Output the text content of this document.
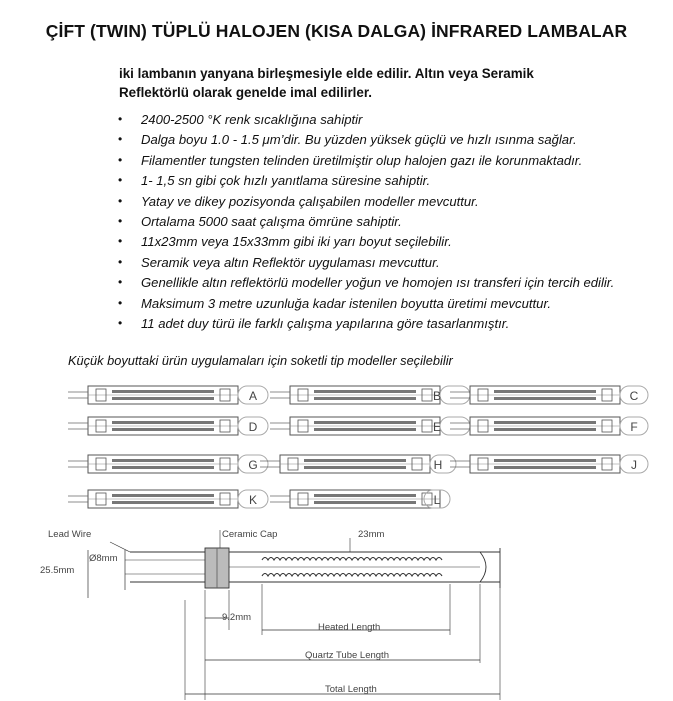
ÇİFT (TWIN) TÜPLÜ HALOJEN (KISA DALGA) İNFRARED LAMBALAR
iki lambanın yanyana birleşmesiyle elde edilir. Altın veya Seramik
Reflektörlü olarak genelde imal edilirler.
• 2400-2500 °K renk sıcaklığına sahiptir
• Dalga boyu 1.0 - 1.5 μm’dir. Bu yüzden yüksek güçlü ve hızlı ısınma sağlar.
• Filamentler tungsten telinden üretilmiştir olup halojen gazı ile korunmaktadır.
• 1- 1,5 sn gibi çok hızlı yanıtlama süresine sahiptir.
• Yatay ve dikey pozisyonda çalışabilen modeller mevcuttur.
• Ortalama 5000 saat çalışma ömrüne sahiptir.
• 11x23mm veya 15x33mm gibi iki yarı boyut seçilebilir.
• Seramik veya altın Reflektör uygulaması mevcuttur.
• Genellikle altın reflektörlü modeller yoğun ve homojen ısı transferi için tercih edilir.
• Maksimum 3 metre uzunluğa kadar istenilen boyutta üretimi mevcuttur.
• 11 adet duy türü ile farklı çalışma yapılarına göre tasarlanmıştır.
Küçük boyuttaki ürün uygulamaları için soketli tip modeller seçilebilir
A	B	C
D	E	F
G	H	J
K	L
Lead Wire	Ceramic Cap	23mm
Ø8mm
25.5mm
9.2mm
Heated Length
Quartz Tube Length
Total Length
